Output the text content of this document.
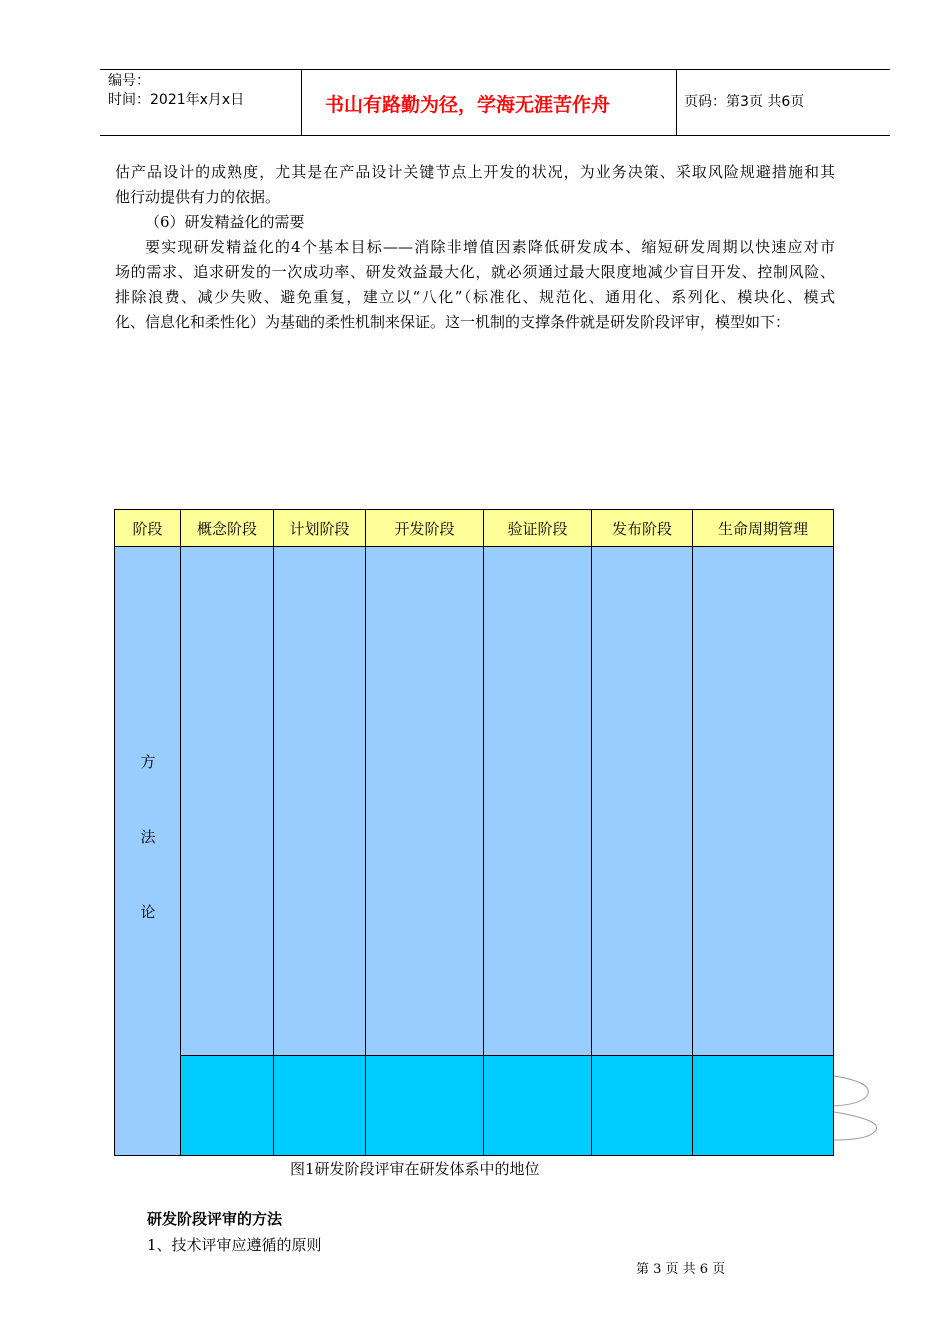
编号：
时间：2021年x月x日	书山有路勤为径，学海无涯苦作舟	页码：第3页 共6页
估产品设计的成熟度，尤其是在产品设计关键节点上开发的状况，为业务决策、采取风险规避措施和其

他行动提供有力的依据。

（6）研发精益化的需要

要实现研发精益化的4个基本目标——消除非增值因素降低研发成本、缩短研发周期以快速应对市
场的需求、追求研发的一次成功率、研发效益最大化，就必须通过最大限度地减少盲目开发、控制风险、
排除浪费、减少失败、避免重复，建立以“八化”（标准化、规范化、通用化、系列化、模块化、模式

化、信息化和柔性化）为基础的柔性机制来保证。这一机制的支撑条件就是研发阶段评审，模型如下：

阶段	概念阶段	计划阶段	开发阶段	验证阶段	发布阶段	生命周期管理
方
法
论
图1研发阶段评审在研发体系中的地位
研发阶段评审的方法
1、技术评审应遵循的原则
第 3 页 共 6 页
